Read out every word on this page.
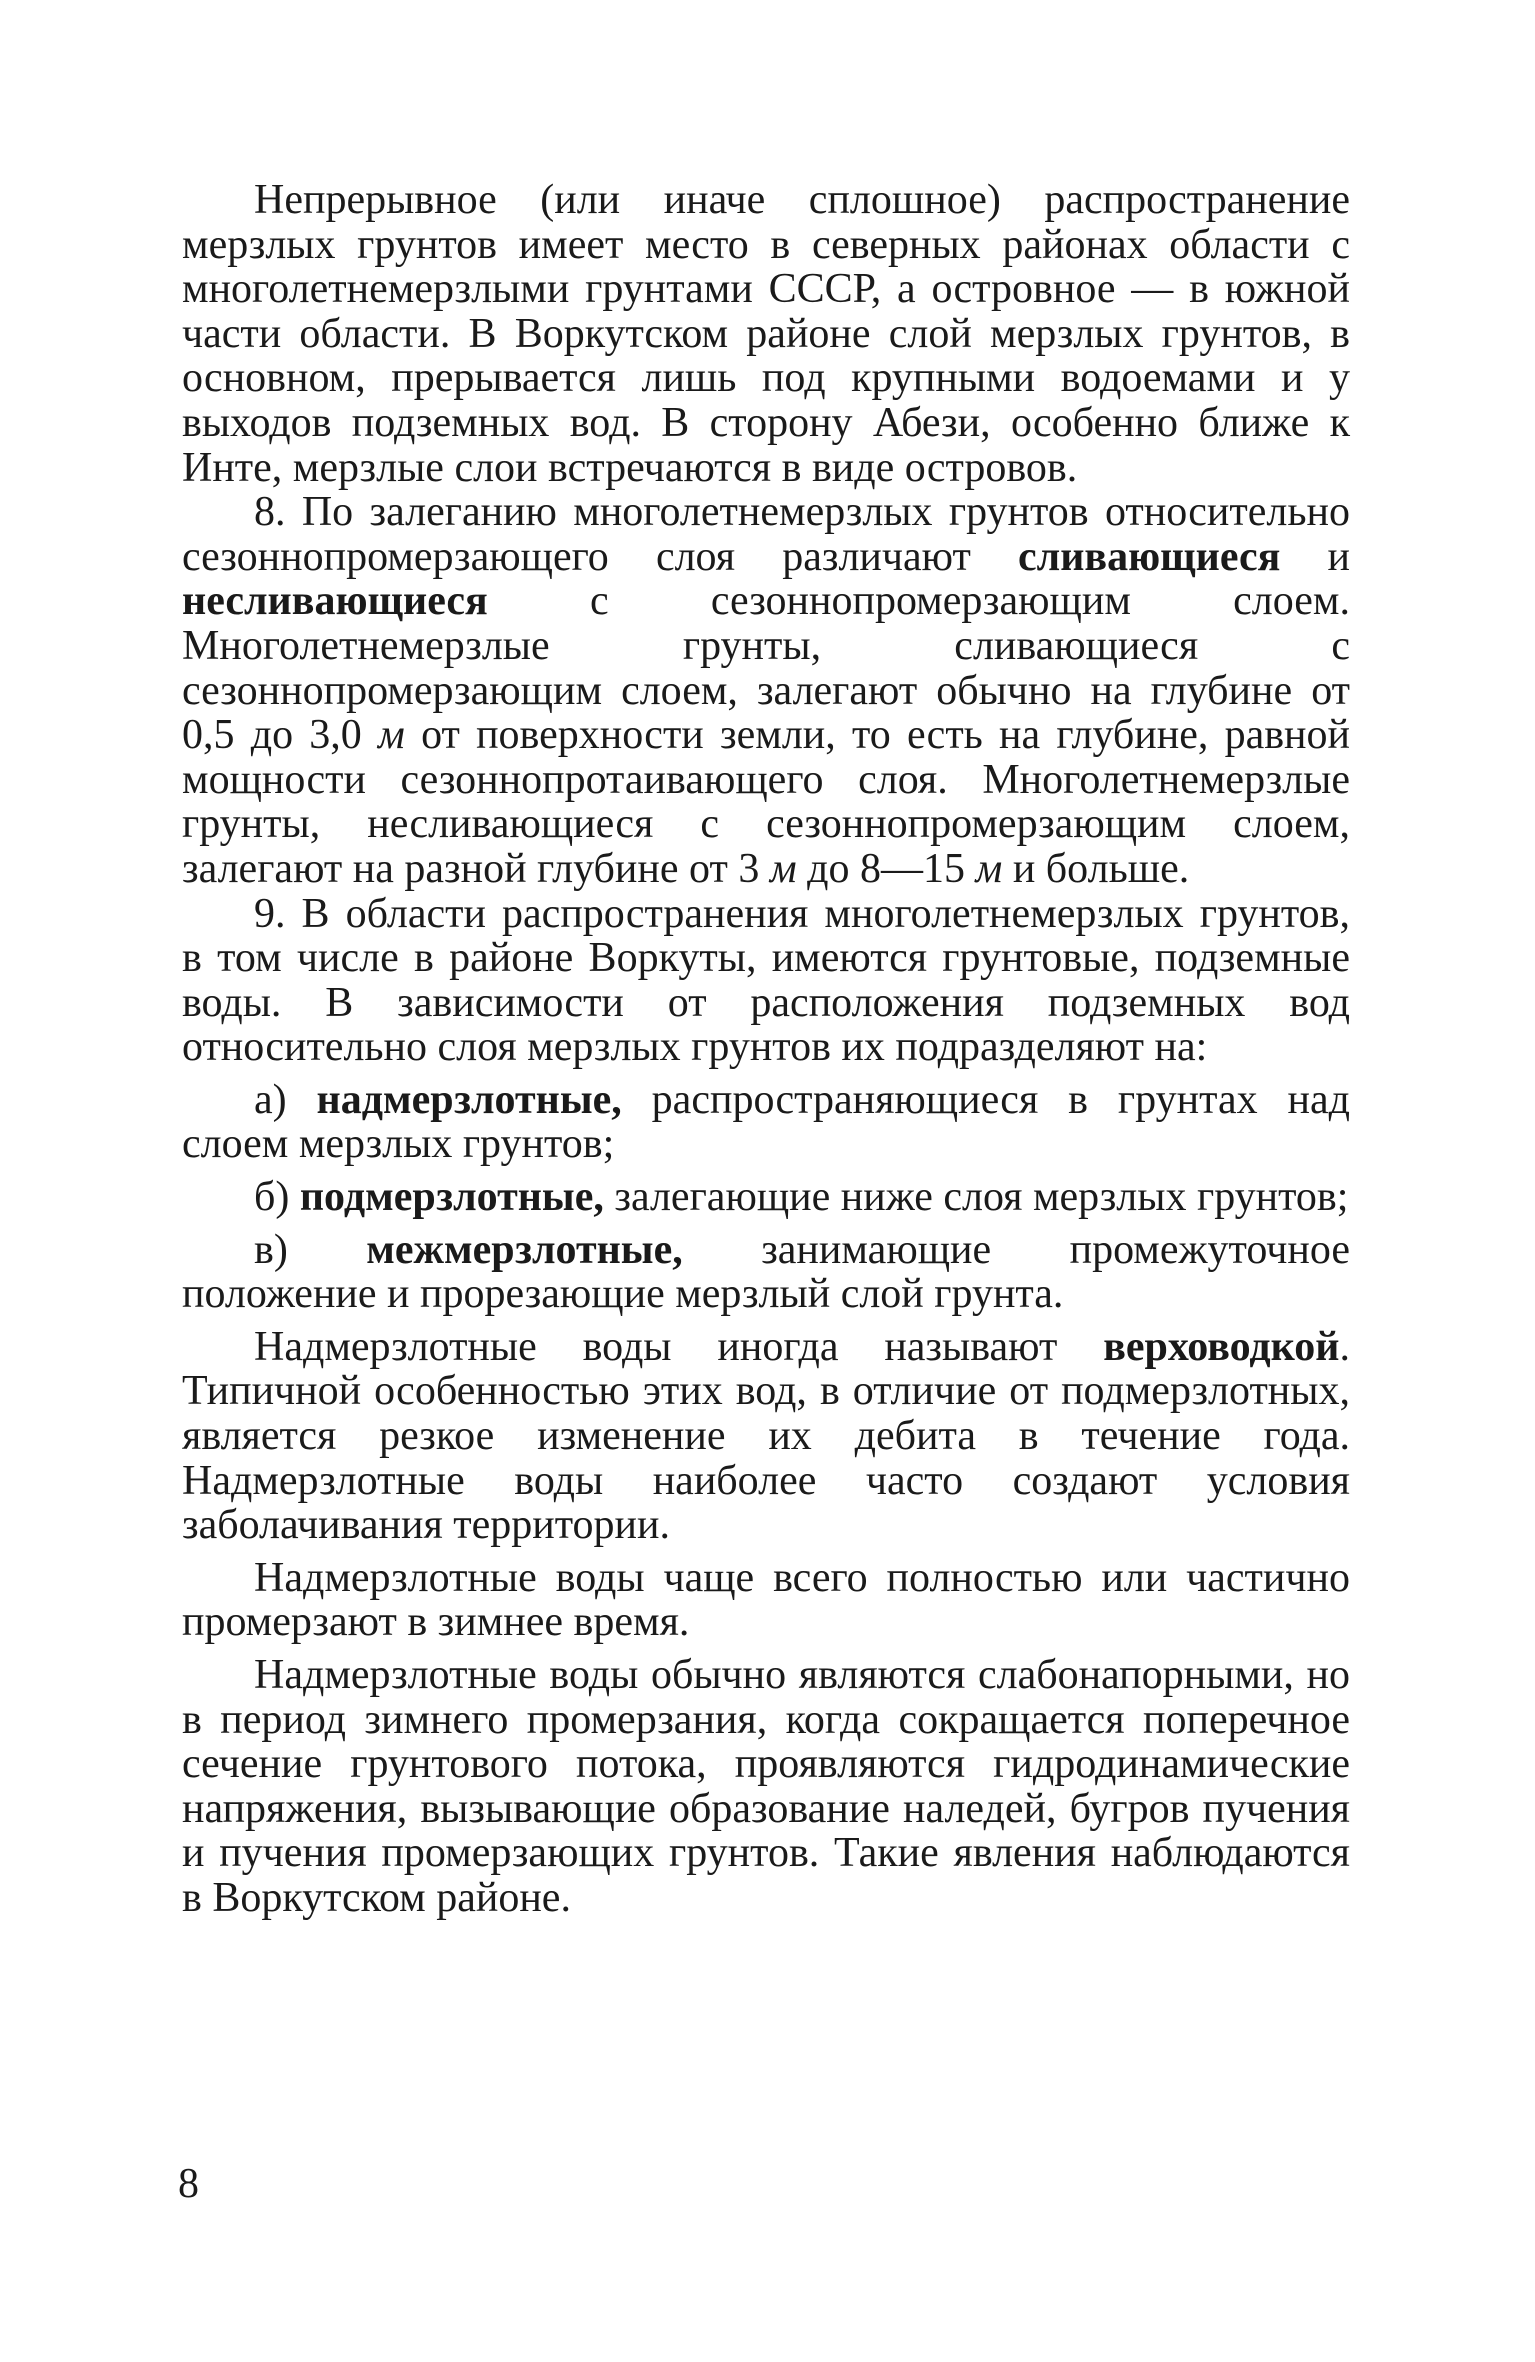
Непрерывное (или иначе сплошное) распространение мерзлых грунтов имеет место в северных районах области с многолетнемерзлыми грунтами СССР, а островное — в южной части области. В Воркутском районе слой мерзлых грунтов, в основном, прерывается лишь под крупными водоемами и у выходов подземных вод. В сторону Абези, особенно ближе к Инте, мерзлые слои встречаются в виде островов.

8. По залеганию многолетнемерзлых грунтов относительно сезоннопромерзающего слоя различают сливающиеся и несливающиеся с сезоннопромерзающим слоем. Многолетнемерзлые грунты, сливающиеся с сезоннопромерзающим слоем, залегают обычно на глубине от 0,5 до 3,0 м от поверхности земли, то есть на глубине, равной мощности сезоннопротаивающего слоя. Многолетнемерзлые грунты, несливающиеся с сезоннопромерзающим слоем, залегают на разной глубине от 3 м до 8—15 м и больше.

9. В области распространения многолетнемерзлых грунтов, в том числе в районе Воркуты, имеются грунтовые, подземные воды. В зависимости от расположения подземных вод относительно слоя мерзлых грунтов их подразделяют на:

а) надмерзлотные, распространяющиеся в грунтах над слоем мерзлых грунтов;

б) подмерзлотные, залегающие ниже слоя мерзлых грунтов;

в) межмерзлотные, занимающие промежуточное положение и прорезающие мерзлый слой грунта.

Надмерзлотные воды иногда называют верховодкой. Типичной особенностью этих вод, в отличие от подмерзлотных, является резкое изменение их дебита в течение года. Надмерзлотные воды наиболее часто создают условия заболачивания территории.

Надмерзлотные воды чаще всего полностью или частично промерзают в зимнее время.

Надмерзлотные воды обычно являются слабонапорными, но в период зимнего промерзания, когда сокращается поперечное сечение грунтового потока, проявляются гидродинамические напряжения, вызывающие образование наледей, бугров пучения и пучения промерзающих грунтов. Такие явления наблюдаются в Воркутском районе.

8
